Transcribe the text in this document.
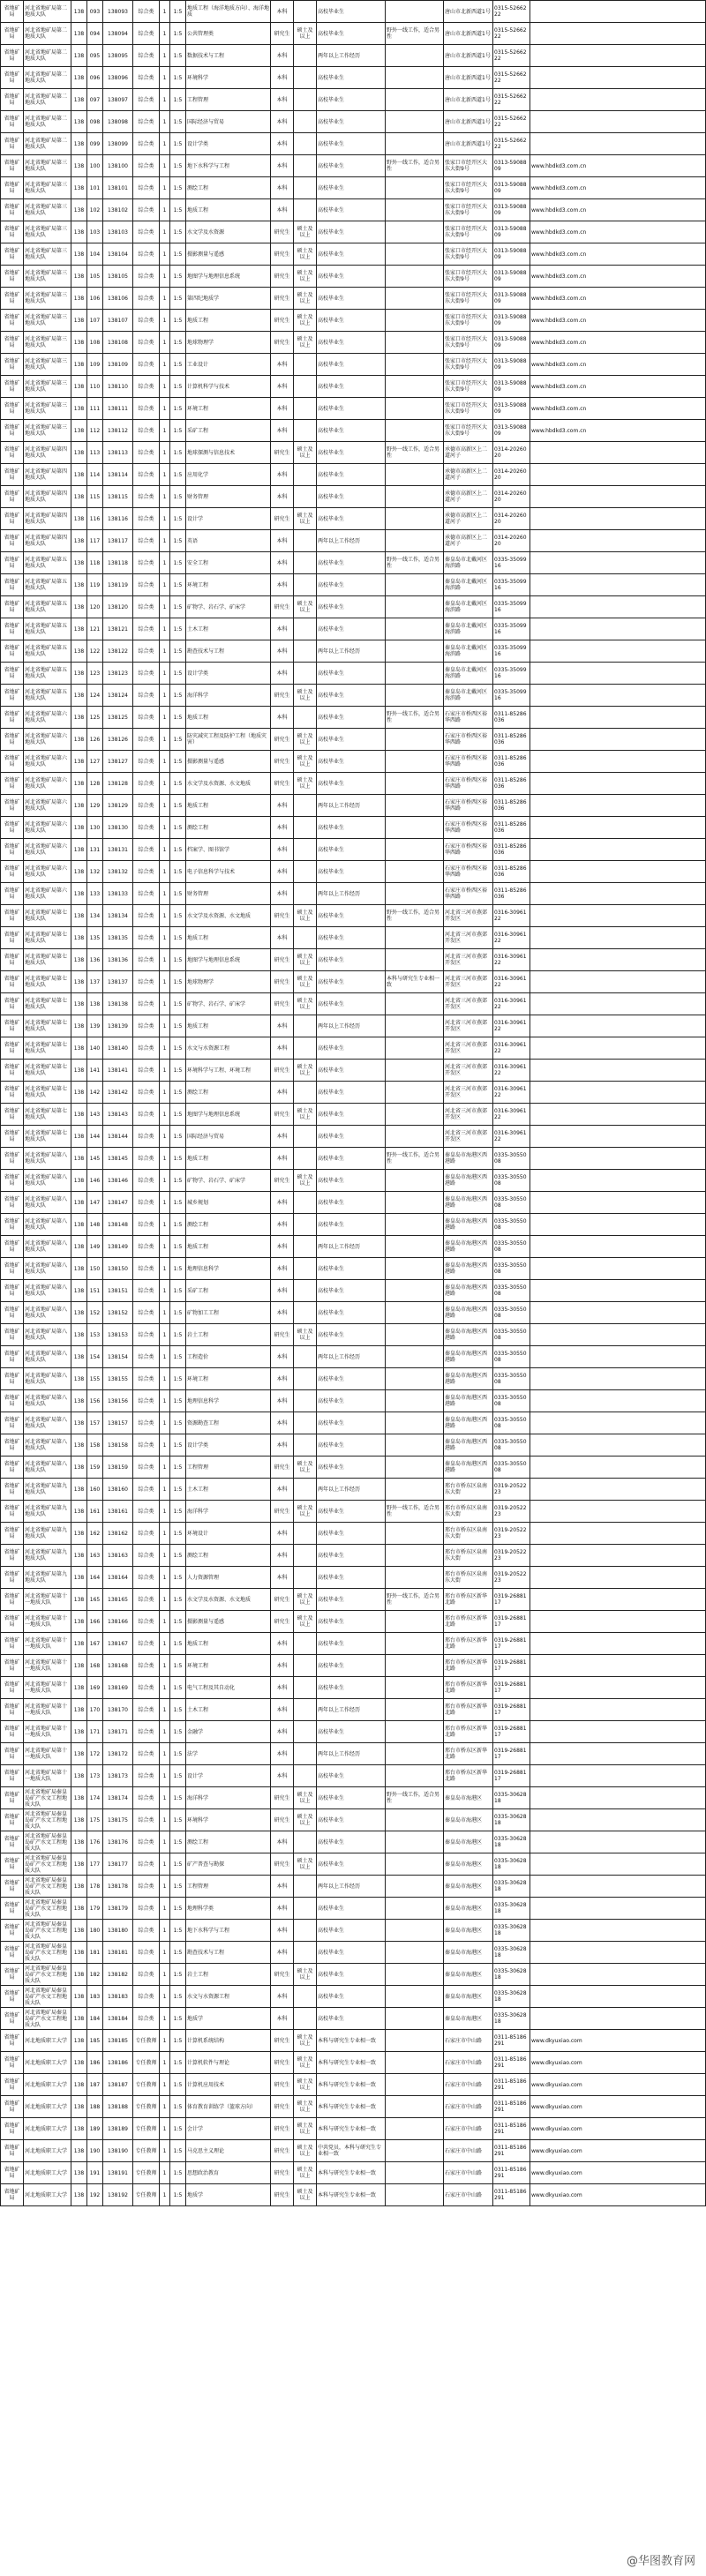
省地矿局	河北省地矿局第二地质大队	138	093	138093	综合类	1	1:5	地质工程（海洋地质方向）、海洋地质	本科		高校毕业生		唐山市北新西道1号	0315-5266222	
省地矿局	河北省地矿局第二地质大队	138	094	138094	综合类	1	1:5	公共管理类	研究生	硕士及以上	高校毕业生	野外一线工作，适合男性	唐山市北新西道1号	0315-5266222	
省地矿局	河北省地矿局第二地质大队	138	095	138095	综合类	1	1:5	数据技术与工程	本科		两年以上工作经历		唐山市北新西道1号	0315-5266222	
省地矿局	河北省地矿局第二地质大队	138	096	138096	综合类	1	1:5	环境科学	本科		高校毕业生		唐山市北新西道1号	0315-5266222	
省地矿局	河北省地矿局第二地质大队	138	097	138097	综合类	1	1:5	工程管理	本科		高校毕业生		唐山市北新西道1号	0315-5266222	
省地矿局	河北省地矿局第二地质大队	138	098	138098	综合类	1	1:5	国际经济与贸易	本科		高校毕业生		唐山市北新西道1号	0315-5266222	
省地矿局	河北省地矿局第二地质大队	138	099	138099	综合类	1	1:5	设计学类	本科		高校毕业生		唐山市北新西道1号	0315-5266222	
省地矿局	河北省地矿局第三地质大队	138	100	138100	综合类	1	1:5	地下水科学与工程	本科		高校毕业生	野外一线工作，适合男性	张家口市经开区大东大街9号	0313-5908809	www.hbdkd3.com.cn
省地矿局	河北省地矿局第三地质大队	138	101	138101	综合类	1	1:5	测绘工程	本科		高校毕业生		张家口市经开区大东大街9号	0313-5908809	www.hbdkd3.com.cn
省地矿局	河北省地矿局第三地质大队	138	102	138102	综合类	1	1:5	地质工程	本科		高校毕业生		张家口市经开区大东大街9号	0313-5908809	www.hbdkd3.com.cn
省地矿局	河北省地矿局第三地质大队	138	103	138103	综合类	1	1:5	水文学及水资源	研究生	硕士及以上	高校毕业生		张家口市经开区大东大街9号	0313-5908809	www.hbdkd3.com.cn
省地矿局	河北省地矿局第三地质大队	138	104	138104	综合类	1	1:5	摄影测量与遥感	研究生	硕士及以上	高校毕业生		张家口市经开区大东大街9号	0313-5908809	www.hbdkd3.com.cn
省地矿局	河北省地矿局第三地质大队	138	105	138105	综合类	1	1:5	地图学与地理信息系统	研究生	硕士及以上	高校毕业生		张家口市经开区大东大街9号	0313-5908809	www.hbdkd3.com.cn
省地矿局	河北省地矿局第三地质大队	138	106	138106	综合类	1	1:5	第四纪地质学	研究生	硕士及以上	高校毕业生		张家口市经开区大东大街9号	0313-5908809	www.hbdkd3.com.cn
省地矿局	河北省地矿局第三地质大队	138	107	138107	综合类	1	1:5	地质工程	研究生	硕士及以上	高校毕业生		张家口市经开区大东大街9号	0313-5908809	www.hbdkd3.com.cn
省地矿局	河北省地矿局第三地质大队	138	108	138108	综合类	1	1:5	地球物理学	研究生	硕士及以上	高校毕业生		张家口市经开区大东大街9号	0313-5908809	www.hbdkd3.com.cn
省地矿局	河北省地矿局第三地质大队	138	109	138109	综合类	1	1:5	工业设计	本科		高校毕业生		张家口市经开区大东大街9号	0313-5908809	www.hbdkd3.com.cn
省地矿局	河北省地矿局第三地质大队	138	110	138110	综合类	1	1:5	计算机科学与技术	本科		高校毕业生		张家口市经开区大东大街9号	0313-5908809	www.hbdkd3.com.cn
省地矿局	河北省地矿局第三地质大队	138	111	138111	综合类	1	1:5	环境工程	本科		高校毕业生		张家口市经开区大东大街9号	0313-5908809	www.hbdkd3.com.cn
省地矿局	河北省地矿局第三地质大队	138	112	138112	综合类	1	1:5	采矿工程	本科		高校毕业生		张家口市经开区大东大街9号	0313-5908809	www.hbdkd3.com.cn
省地矿局	河北省地矿局第四地质大队	138	113	138113	综合类	1	1:5	地球探测与信息技术	研究生	硕士及以上	高校毕业生	野外一线工作，适合男性	承德市高新区上二道河子	0314-2026020	
省地矿局	河北省地矿局第四地质大队	138	114	138114	综合类	1	1:5	应用化学	本科		高校毕业生		承德市高新区上二道河子	0314-2026020	
省地矿局	河北省地矿局第四地质大队	138	115	138115	综合类	1	1:5	财务管理	本科		高校毕业生		承德市高新区上二道河子	0314-2026020	
省地矿局	河北省地矿局第四地质大队	138	116	138116	综合类	1	1:5	设计学	研究生	硕士及以上	高校毕业生		承德市高新区上二道河子	0314-2026020	
省地矿局	河北省地矿局第四地质大队	138	117	138117	综合类	1	1:5	英语	本科		两年以上工作经历		承德市高新区上二道河子	0314-2026020	
省地矿局	河北省地矿局第五地质大队	138	118	138118	综合类	1	1:5	安全工程	本科		高校毕业生	野外一线工作，适合男性	秦皇岛市北戴河区海滨路	0335-3509916	
省地矿局	河北省地矿局第五地质大队	138	119	138119	综合类	1	1:5	环境工程	本科		高校毕业生		秦皇岛市北戴河区海滨路	0335-3509916	
省地矿局	河北省地矿局第五地质大队	138	120	138120	综合类	1	1:5	矿物学、岩石学、矿床学	研究生	硕士及以上	高校毕业生		秦皇岛市北戴河区海滨路	0335-3509916	
省地矿局	河北省地矿局第五地质大队	138	121	138121	综合类	1	1:5	土木工程	本科		高校毕业生		秦皇岛市北戴河区海滨路	0335-3509916	
省地矿局	河北省地矿局第五地质大队	138	122	138122	综合类	1	1:5	勘查技术与工程	本科		两年以上工作经历		秦皇岛市北戴河区海滨路	0335-3509916	
省地矿局	河北省地矿局第五地质大队	138	123	138123	综合类	1	1:5	设计学类	本科		高校毕业生		秦皇岛市北戴河区海滨路	0335-3509916	
省地矿局	河北省地矿局第五地质大队	138	124	138124	综合类	1	1:5	海洋科学	研究生	硕士及以上	高校毕业生		秦皇岛市北戴河区海滨路	0335-3509916	
省地矿局	河北省地矿局第六地质大队	138	125	138125	综合类	1	1:5	地质工程	本科		高校毕业生	野外一线工作，适合男性	石家庄市桥西区裕华西路	0311-85286036	
省地矿局	河北省地矿局第六地质大队	138	126	138126	综合类	1	1:5	防灾减灾工程及防护工程（地质灾害）	研究生	硕士及以上	高校毕业生		石家庄市桥西区裕华西路	0311-85286036	
省地矿局	河北省地矿局第六地质大队	138	127	138127	综合类	1	1:5	摄影测量与遥感	研究生	硕士及以上	高校毕业生		石家庄市桥西区裕华西路	0311-85286036	
省地矿局	河北省地矿局第六地质大队	138	128	138128	综合类	1	1:5	水文学及水资源、水文地质	研究生	硕士及以上	高校毕业生		石家庄市桥西区裕华西路	0311-85286036	
省地矿局	河北省地矿局第六地质大队	138	129	138129	综合类	1	1:5	地质工程	本科		两年以上工作经历		石家庄市桥西区裕华西路	0311-85286036	
省地矿局	河北省地矿局第六地质大队	138	130	138130	综合类	1	1:5	测绘工程	本科		高校毕业生		石家庄市桥西区裕华西路	0311-85286036	
省地矿局	河北省地矿局第六地质大队	138	131	138131	综合类	1	1:5	档案学、图书馆学	本科		高校毕业生		石家庄市桥西区裕华西路	0311-85286036	
省地矿局	河北省地矿局第六地质大队	138	132	138132	综合类	1	1:5	电子信息科学与技术	本科		高校毕业生		石家庄市桥西区裕华西路	0311-85286036	
省地矿局	河北省地矿局第六地质大队	138	133	138133	综合类	1	1:5	财务管理	本科		两年以上工作经历		石家庄市桥西区裕华西路	0311-85286036	
省地矿局	河北省地矿局第七地质大队	138	134	138134	综合类	1	1:5	水文学及水资源、水文地质	研究生	硕士及以上	高校毕业生	野外一线工作，适合男性	河北省三河市燕郊开发区	0316-3096122	
省地矿局	河北省地矿局第七地质大队	138	135	138135	综合类	1	1:5	地质工程	本科		高校毕业生		河北省三河市燕郊开发区	0316-3096122	
省地矿局	河北省地矿局第七地质大队	138	136	138136	综合类	1	1:5	地图学与地理信息系统	研究生	硕士及以上	高校毕业生		河北省三河市燕郊开发区	0316-3096122	
省地矿局	河北省地矿局第七地质大队	138	137	138137	综合类	1	1:5	地球物理学	研究生	硕士及以上	高校毕业生	本科与研究生专业相一致	河北省三河市燕郊开发区	0316-3096122	
省地矿局	河北省地矿局第七地质大队	138	138	138138	综合类	1	1:5	矿物学、岩石学、矿床学	研究生	硕士及以上	高校毕业生		河北省三河市燕郊开发区	0316-3096122	
省地矿局	河北省地矿局第七地质大队	138	139	138139	综合类	1	1:5	地质工程	本科		两年以上工作经历		河北省三河市燕郊开发区	0316-3096122	
省地矿局	河北省地矿局第七地质大队	138	140	138140	综合类	1	1:5	水文与水资源工程	本科		高校毕业生		河北省三河市燕郊开发区	0316-3096122	
省地矿局	河北省地矿局第七地质大队	138	141	138141	综合类	1	1:5	环境科学与工程、环境工程	研究生	硕士及以上	高校毕业生		河北省三河市燕郊开发区	0316-3096122	
省地矿局	河北省地矿局第七地质大队	138	142	138142	综合类	1	1:5	测绘工程	本科		高校毕业生		河北省三河市燕郊开发区	0316-3096122	
省地矿局	河北省地矿局第七地质大队	138	143	138143	综合类	1	1:5	地图学与地理信息系统	研究生	硕士及以上	高校毕业生		河北省三河市燕郊开发区	0316-3096122	
省地矿局	河北省地矿局第七地质大队	138	144	138144	综合类	1	1:5	国际经济与贸易	本科		高校毕业生		河北省三河市燕郊开发区	0316-3096122	
省地矿局	河北省地矿局第八地质大队	138	145	138145	综合类	1	1:5	地质工程	本科		高校毕业生	野外一线工作，适合男性	秦皇岛市海港区西港路	0335-3055008	
省地矿局	河北省地矿局第八地质大队	138	146	138146	综合类	1	1:5	矿物学、岩石学、矿床学	研究生	硕士及以上	高校毕业生		秦皇岛市海港区西港路	0335-3055008	
省地矿局	河北省地矿局第八地质大队	138	147	138147	综合类	1	1:5	城乡规划	本科		高校毕业生		秦皇岛市海港区西港路	0335-3055008	
省地矿局	河北省地矿局第八地质大队	138	148	138148	综合类	1	1:5	测绘工程	本科		高校毕业生		秦皇岛市海港区西港路	0335-3055008	
省地矿局	河北省地矿局第八地质大队	138	149	138149	综合类	1	1:5	地质工程	本科		两年以上工作经历		秦皇岛市海港区西港路	0335-3055008	
省地矿局	河北省地矿局第八地质大队	138	150	138150	综合类	1	1:5	地理信息科学	本科		高校毕业生		秦皇岛市海港区西港路	0335-3055008	
省地矿局	河北省地矿局第八地质大队	138	151	138151	综合类	1	1:5	采矿工程	本科		高校毕业生		秦皇岛市海港区西港路	0335-3055008	
省地矿局	河北省地矿局第八地质大队	138	152	138152	综合类	1	1:5	矿物加工工程	本科		高校毕业生		秦皇岛市海港区西港路	0335-3055008	
省地矿局	河北省地矿局第八地质大队	138	153	138153	综合类	1	1:5	岩土工程	研究生	硕士及以上	高校毕业生		秦皇岛市海港区西港路	0335-3055008	
省地矿局	河北省地矿局第八地质大队	138	154	138154	综合类	1	1:5	工程造价	本科		两年以上工作经历		秦皇岛市海港区西港路	0335-3055008	
省地矿局	河北省地矿局第八地质大队	138	155	138155	综合类	1	1:5	环境工程	本科		高校毕业生		秦皇岛市海港区西港路	0335-3055008	
省地矿局	河北省地矿局第八地质大队	138	156	138156	综合类	1	1:5	地理信息科学	本科		高校毕业生		秦皇岛市海港区西港路	0335-3055008	
省地矿局	河北省地矿局第八地质大队	138	157	138157	综合类	1	1:5	资源勘查工程	本科		高校毕业生		秦皇岛市海港区西港路	0335-3055008	
省地矿局	河北省地矿局第八地质大队	138	158	138158	综合类	1	1:5	设计学类	本科		高校毕业生		秦皇岛市海港区西港路	0335-3055008	
省地矿局	河北省地矿局第八地质大队	138	159	138159	综合类	1	1:5	工程管理	研究生	硕士及以上	高校毕业生		秦皇岛市海港区西港路	0335-3055008	
省地矿局	河北省地矿局第九地质大队	138	160	138160	综合类	1	1:5	土木工程	本科		两年以上工作经历		邢台市桥东区泉南东大街	0319-2052223	
省地矿局	河北省地矿局第九地质大队	138	161	138161	综合类	1	1:5	海洋科学	研究生	硕士及以上	高校毕业生	野外一线工作，适合男性	邢台市桥东区泉南东大街	0319-2052223	
省地矿局	河北省地矿局第九地质大队	138	162	138162	综合类	1	1:5	环境设计	本科		高校毕业生		邢台市桥东区泉南东大街	0319-2052223	
省地矿局	河北省地矿局第九地质大队	138	163	138163	综合类	1	1:5	测绘工程	本科		高校毕业生		邢台市桥东区泉南东大街	0319-2052223	
省地矿局	河北省地矿局第九地质大队	138	164	138164	综合类	1	1:5	人力资源管理	本科		高校毕业生		邢台市桥东区泉南东大街	0319-2052223	
省地矿局	河北省地矿局第十一地质大队	138	165	138165	综合类	1	1:5	水文学及水资源、水文地质	研究生	硕士及以上	高校毕业生	野外一线工作，适合男性	邢台市桥东区新华北路	0319-2688117	
省地矿局	河北省地矿局第十一地质大队	138	166	138166	综合类	1	1:5	摄影测量与遥感	研究生	硕士及以上	高校毕业生		邢台市桥东区新华北路	0319-2688117	
省地矿局	河北省地矿局第十一地质大队	138	167	138167	综合类	1	1:5	地质工程	本科		高校毕业生		邢台市桥东区新华北路	0319-2688117	
省地矿局	河北省地矿局第十一地质大队	138	168	138168	综合类	1	1:5	环境工程	本科		高校毕业生		邢台市桥东区新华北路	0319-2688117	
省地矿局	河北省地矿局第十一地质大队	138	169	138169	综合类	1	1:5	电气工程及其自动化	本科		高校毕业生		邢台市桥东区新华北路	0319-2688117	
省地矿局	河北省地矿局第十一地质大队	138	170	138170	综合类	1	1:5	土木工程	本科		两年以上工作经历		邢台市桥东区新华北路	0319-2688117	
省地矿局	河北省地矿局第十一地质大队	138	171	138171	综合类	1	1:5	金融学	本科		高校毕业生		邢台市桥东区新华北路	0319-2688117	
省地矿局	河北省地矿局第十一地质大队	138	172	138172	综合类	1	1:5	法学	本科		两年以上工作经历		邢台市桥东区新华北路	0319-2688117	
省地矿局	河北省地矿局第十一地质大队	138	173	138173	综合类	1	1:5	设计学	本科		高校毕业生		邢台市桥东区新华北路	0319-2688117	
省地矿局	河北省地矿局秦皇岛矿产水文工程地质大队	138	174	138174	综合类	1	1:5	海洋科学	研究生	硕士及以上	高校毕业生	野外一线工作，适合男性	秦皇岛市海港区	0335-3062818	
省地矿局	河北省地矿局秦皇岛矿产水文工程地质大队	138	175	138175	综合类	1	1:5	环境科学	研究生	硕士及以上	高校毕业生		秦皇岛市海港区	0335-3062818	
省地矿局	河北省地矿局秦皇岛矿产水文工程地质大队	138	176	138176	综合类	1	1:5	测绘工程	本科		高校毕业生		秦皇岛市海港区	0335-3062818	
省地矿局	河北省地矿局秦皇岛矿产水文工程地质大队	138	177	138177	综合类	1	1:5	矿产普查与勘探	研究生	硕士及以上	高校毕业生		秦皇岛市海港区	0335-3062818	
省地矿局	河北省地矿局秦皇岛矿产水文工程地质大队	138	178	138178	综合类	1	1:5	工程管理	本科		两年以上工作经历		秦皇岛市海港区	0335-3062818	
省地矿局	河北省地矿局秦皇岛矿产水文工程地质大队	138	179	138179	综合类	1	1:5	地理科学类	本科		高校毕业生		秦皇岛市海港区	0335-3062818	
省地矿局	河北省地矿局秦皇岛矿产水文工程地质大队	138	180	138180	综合类	1	1:5	地下水科学与工程	本科		高校毕业生		秦皇岛市海港区	0335-3062818	
省地矿局	河北省地矿局秦皇岛矿产水文工程地质大队	138	181	138181	综合类	1	1:5	勘查技术与工程	本科		高校毕业生		秦皇岛市海港区	0335-3062818	
省地矿局	河北省地矿局秦皇岛矿产水文工程地质大队	138	182	138182	综合类	1	1:5	岩土工程	研究生	硕士及以上	高校毕业生		秦皇岛市海港区	0335-3062818	
省地矿局	河北省地矿局秦皇岛矿产水文工程地质大队	138	183	138183	综合类	1	1:5	水文与水资源工程	本科		高校毕业生		秦皇岛市海港区	0335-3062818	
省地矿局	河北省地矿局秦皇岛矿产水文工程地质大队	138	184	138184	综合类	1	1:5	地质学	本科		高校毕业生		秦皇岛市海港区	0335-3062818	
省地矿局	河北地质职工大学	138	185	138185	专任教师	1	1:5	计算机系统结构	研究生	硕士及以上	本科与研究生专业相一致		石家庄市中山路	0311-85186291	www.dkyuxiao.com
省地矿局	河北地质职工大学	138	186	138186	专任教师	1	1:5	计算机软件与理论	研究生	硕士及以上	本科与研究生专业相一致		石家庄市中山路	0311-85186291	www.dkyuxiao.com
省地矿局	河北地质职工大学	138	187	138187	专任教师	1	1:5	计算机应用技术	研究生	硕士及以上	本科与研究生专业相一致		石家庄市中山路	0311-85186291	www.dkyuxiao.com
省地矿局	河北地质职工大学	138	188	138188	专任教师	1	1:5	体育教育训练学（篮球方向）	研究生	硕士及以上	本科与研究生专业相一致		石家庄市中山路	0311-85186291	www.dkyuxiao.com
省地矿局	河北地质职工大学	138	189	138189	专任教师	1	1:5	会计学	研究生	硕士及以上	本科与研究生专业相一致		石家庄市中山路	0311-85186291	www.dkyuxiao.com
省地矿局	河北地质职工大学	138	190	138190	专任教师	1	1:5	马克思主义理论	研究生	硕士及以上	中共党员，本科与研究生专业相一致		石家庄市中山路	0311-85186291	www.dkyuxiao.com
省地矿局	河北地质职工大学	138	191	138191	专任教师	1	1:5	思想政治教育	研究生	硕士及以上	本科与研究生专业相一致		石家庄市中山路	0311-85186291	www.dkyuxiao.com
省地矿局	河北地质职工大学	138	192	138192	专任教师	1	1:5	地质学	研究生	硕士及以上	本科与研究生专业相一致		石家庄市中山路	0311-85186291	www.dkyuxiao.com
@华图教育网
